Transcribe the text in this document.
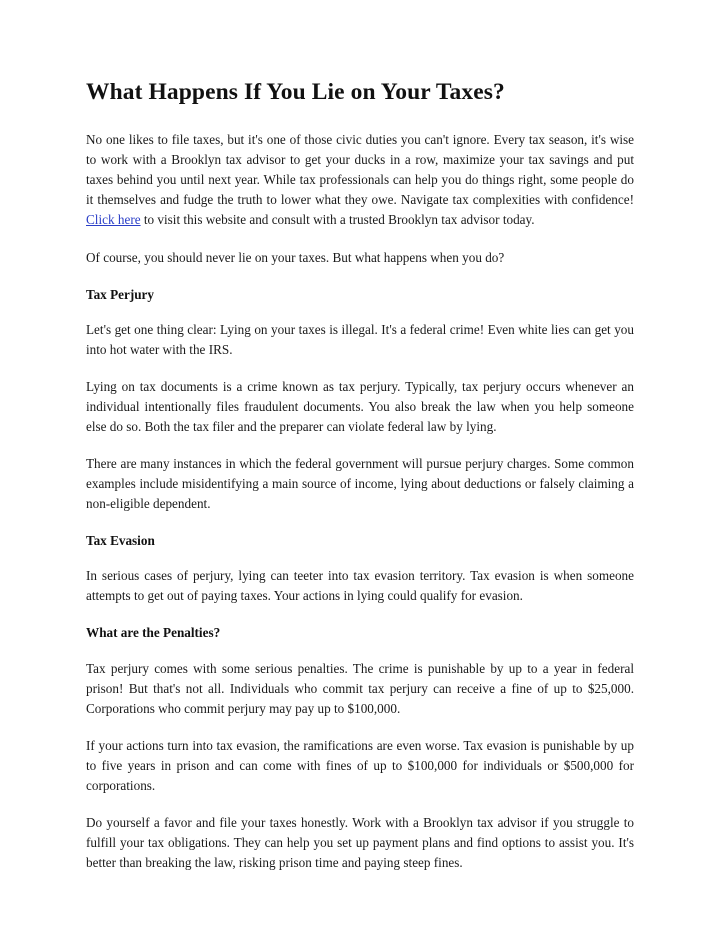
What Happens If You Lie on Your Taxes?

No one likes to file taxes, but it's one of those civic duties you can't ignore. Every tax season, it's wise to work with a Brooklyn tax advisor to get your ducks in a row, maximize your tax savings and put taxes behind you until next year. While tax professionals can help you do things right, some people do it themselves and fudge the truth to lower what they owe. Navigate tax complexities with confidence! Click here to visit this website and consult with a trusted Brooklyn tax advisor today.

Of course, you should never lie on your taxes. But what happens when you do?

Tax Perjury

Let's get one thing clear: Lying on your taxes is illegal. It's a federal crime! Even white lies can get you into hot water with the IRS.

Lying on tax documents is a crime known as tax perjury. Typically, tax perjury occurs whenever an individual intentionally files fraudulent documents. You also break the law when you help someone else do so. Both the tax filer and the preparer can violate federal law by lying.

There are many instances in which the federal government will pursue perjury charges. Some common examples include misidentifying a main source of income, lying about deductions or falsely claiming a non-eligible dependent.

Tax Evasion

In serious cases of perjury, lying can teeter into tax evasion territory. Tax evasion is when someone attempts to get out of paying taxes. Your actions in lying could qualify for evasion.

What are the Penalties?

Tax perjury comes with some serious penalties. The crime is punishable by up to a year in federal prison! But that's not all. Individuals who commit tax perjury can receive a fine of up to $25,000. Corporations who commit perjury may pay up to $100,000.

If your actions turn into tax evasion, the ramifications are even worse. Tax evasion is punishable by up to five years in prison and can come with fines of up to $100,000 for individuals or $500,000 for corporations.

Do yourself a favor and file your taxes honestly. Work with a Brooklyn tax advisor if you struggle to fulfill your tax obligations. They can help you set up payment plans and find options to assist you. It's better than breaking the law, risking prison time and paying steep fines.
